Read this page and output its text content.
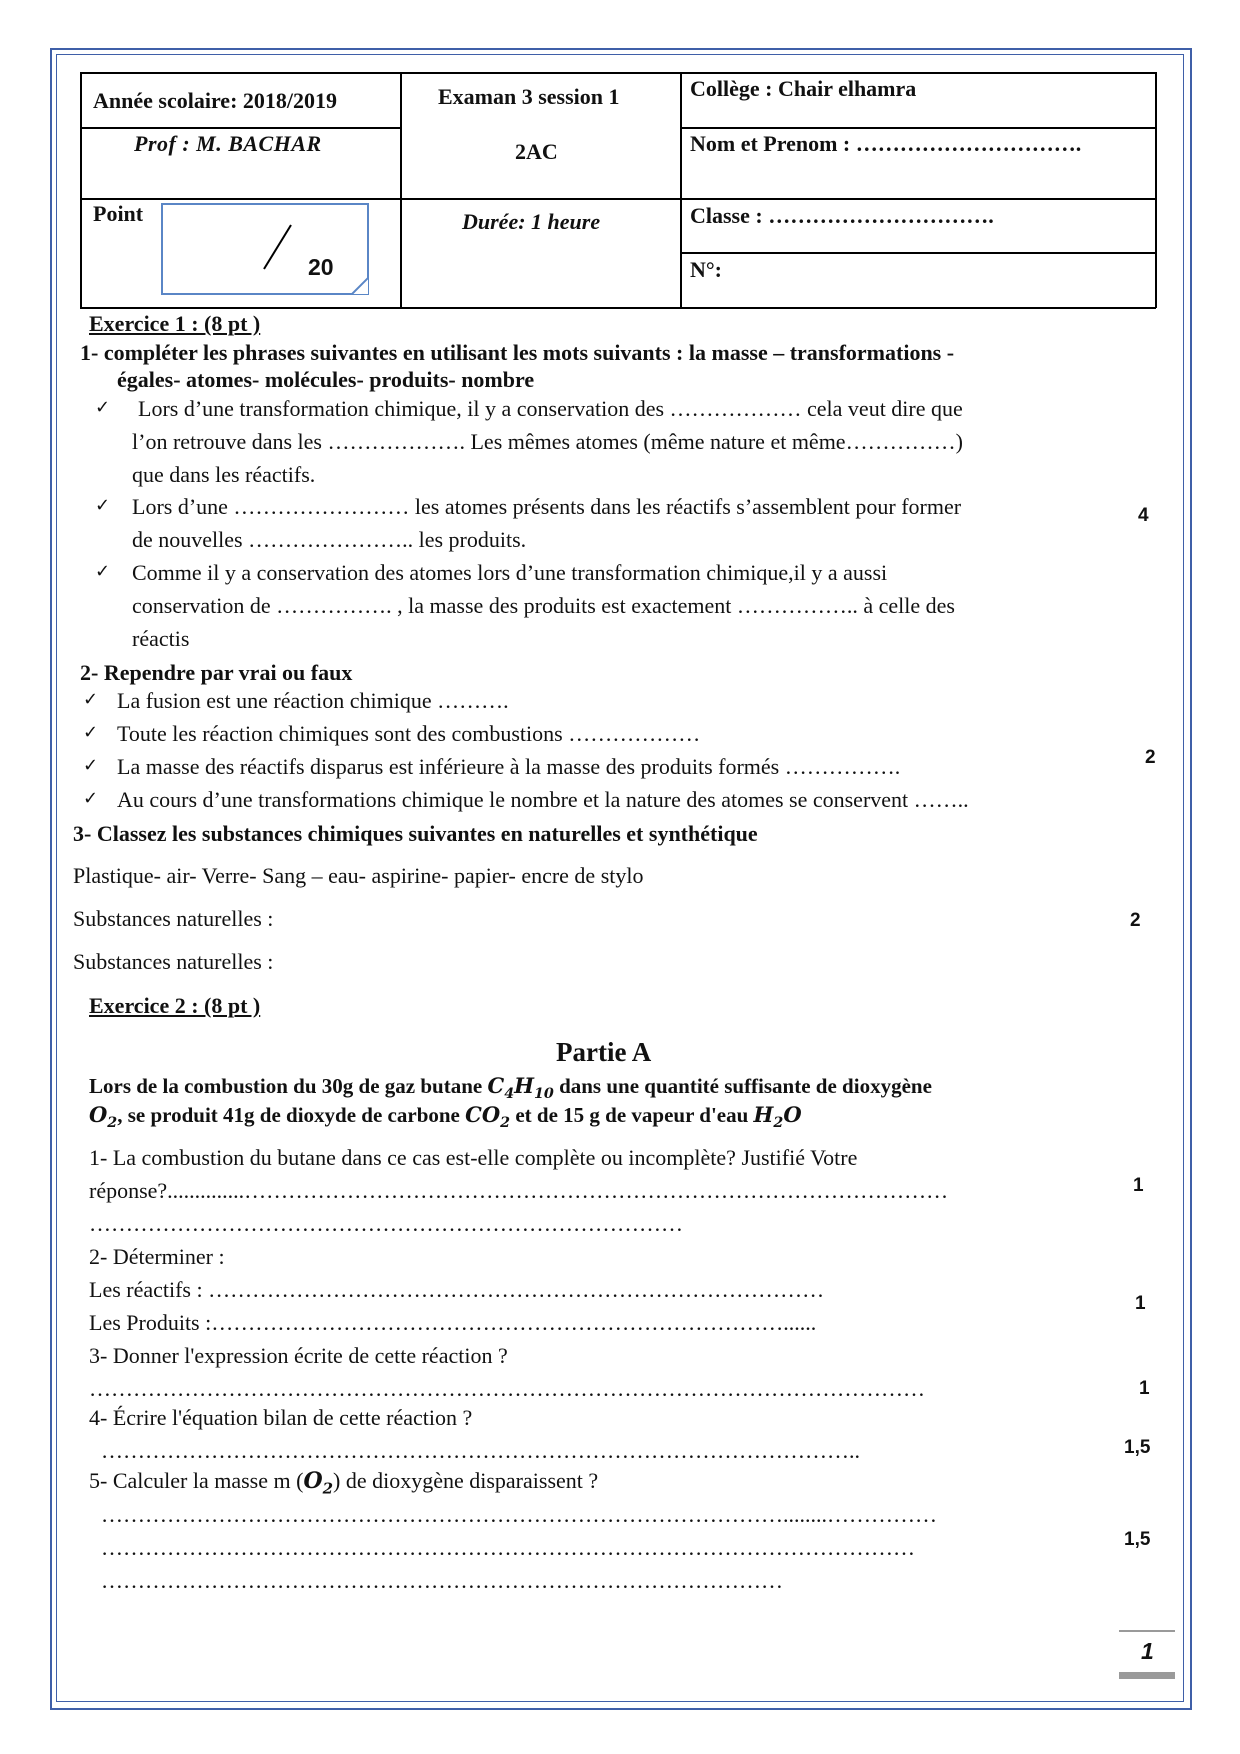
Année scolaire: 2018/2019
Prof : M. BACHAR
Point
20
Examan 3 session 1
2AC
Durée: 1 heure
Collège : Chair elhamra
Nom et Prenom : ………………………….
Classe : ………………………….
N°:
Exercice 1 : (8 pt )
1- compléter les phrases suivantes en utilisant les mots suivants : la masse – transformations -
égales- atomes- molécules- produits- nombre
✓ Lors d’une transformation chimique, il y a conservation des ……………… cela veut dire que
l’on retrouve dans les ………………. Les mêmes atomes (même nature et même……………)
que dans les réactifs.
✓ Lors d’une …………………… les atomes présents dans les réactifs s’assemblent pour former
de nouvelles ………………….. les produits.
✓ Comme il y a conservation des atomes lors d’une transformation chimique,il y a aussi
conservation de ……………. , la masse des produits est exactement …………….. à celle des
réactis
4
2- Rependre par vrai ou faux
✓ La fusion est une réaction chimique ……….
✓ Toute les réaction chimiques sont des combustions ………………
✓ La masse des réactifs disparus est inférieure à la masse des produits formés …………….
✓ Au cours d’une transformations chimique le nombre et la nature des atomes se conservent ……..
2
3- Classez les substances chimiques suivantes en naturelles et synthétique
Plastique- air- Verre- Sang – eau- aspirine- papier- encre de stylo
Substances naturelles :
Substances naturelles :
2
Exercice 2 : (8 pt )
Partie A
Lors de la combustion du 30g de gaz butane $C_4H_{10}$ dans une quantité suffisante de dioxygène
$O_2$, se produit 41g de dioxyde de carbone $CO_2$ et de 15 g de vapeur d'eau $H_2O$
1- La combustion du butane dans ce cas est-elle complète ou incomplète? Justifié Votre
réponse?..............……………………………………………………………………………………
………………………………………………………………………
1
2- Déterminer :
Les réactifs : …………………………………………………………………………
Les Produits :……………………………………………………………………......
1
3- Donner l'expression écrite de cette réaction ?
……………………………………………………………………………………………………	1
4- Écrire l'équation bilan de cette réaction ?
…………………………………………………………………………………………..	1,5
5- Calculer la masse m $(O_2)$ de dioxygène disparaissent ?
…………………………………………………………………………………........……………
…………………………………………………………………………………………………
…………………………………………………………………………………
1,5
1
